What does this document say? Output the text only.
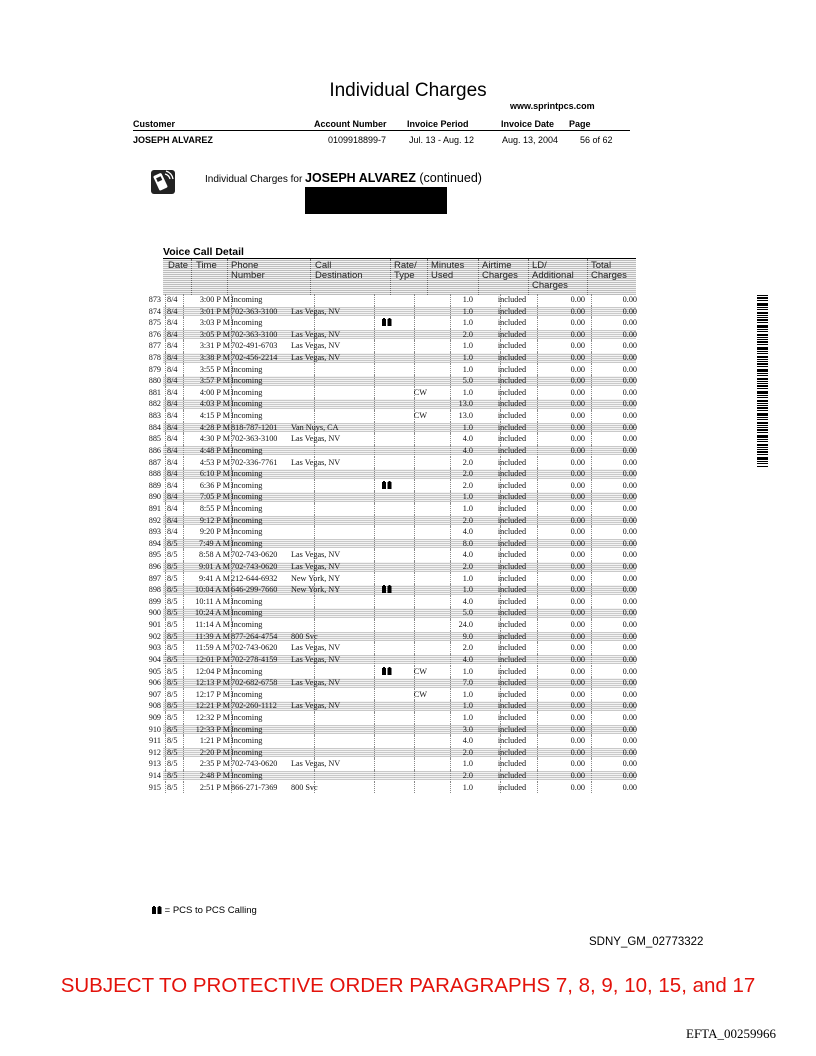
Individual Charges
www.sprintpcs.com
Customer	Account Number Invoice Period	Invoice Date Page
JOSEPH ALVAREZ	0109918899-7	Jul. 13 - Aug. 12	Aug. 13, 2004 56 of 62
Individual Charges for JOSEPH ALVAREZ (continued)
Voice Call Detail
Date Time Phone Number
Call Destination
Rate/ Type
Minutes Used
Airtime Charges
LD/ Additional Charges
Total Charges
873 8/4	3:00 P M Incoming	1.0	included	0.00	0.00
874 8/4	3:01 P M 702-363-3100 Las Vegas, NV	1.0	included	0.00	0.00
875 8/4	3:03 P M Incoming	1.0	included	0.00	0.00
876 8/4	3:05 P M 702-363-3100 Las Vegas, NV	2.0	included	0.00	0.00
877 8/4	3:31 P M 702-491-6703 Las Vegas, NV	1.0	included	0.00	0.00
878 8/4	3:38 P M 702-456-2214 Las Vegas, NV	1.0	included	0.00	0.00
879 8/4	3:55 P M Incoming	1.0	included	0.00	0.00
880 8/4	3:57 P M Incoming	5.0	included	0.00	0.00
881 8/4	4:00 P M Incoming	CW	1.0	included	0.00	0.00
882 8/4	4:03 P M Incoming	13.0	included	0.00	0.00
883 8/4	4:15 P M Incoming	CW	13.0	included	0.00	0.00
884 8/4	4:28 P M 818-787-1201 Van Nuys, CA	1.0	included	0.00	0.00
885 8/4	4:30 P M 702-363-3100 Las Vegas, NV	4.0	included	0.00	0.00
886 8/4	4:48 P M Incoming	4.0	included	0.00	0.00
887 8/4	4:53 P M 702-336-7761 Las Vegas, NV	2.0	included	0.00	0.00
888 8/4	6:10 P M Incoming	2.0	included	0.00	0.00
889 8/4	6:36 P M Incoming	2.0	included	0.00	0.00
890 8/4	7:05 P M Incoming	1.0	included	0.00	0.00
891 8/4	8:55 P M Incoming	1.0	included	0.00	0.00
892 8/4	9:12 P M Incoming	2.0	included	0.00	0.00
893 8/4	9:20 P M Incoming	4.0	included	0.00	0.00
894 8/5	7:49 A M Incoming	8.0	included	0.00	0.00
895 8/5	8:58 A M 702-743-0620 Las Vegas, NV	4.0	included	0.00	0.00
896 8/5	9:01 A M 702-743-0620 Las Vegas, NV	2.0	included	0.00	0.00
897 8/5	9:41 A M 212-644-6932 New York, NY	1.0	included	0.00	0.00
898 8/5	10:04 A M 646-299-7660 New York, NY	1.0	included	0.00	0.00
899 8/5	10:11 A M Incoming	4.0	included	0.00	0.00
900 8/5	10:24 A M Incoming	5.0	included	0.00	0.00
901 8/5	11:14 A M Incoming	24.0	included	0.00	0.00
902 8/5	11:39 A M 877-264-4754 800 Svc	9.0	included	0.00	0.00
903 8/5	11:59 A M 702-743-0620 Las Vegas, NV	2.0	included	0.00	0.00
904 8/5	12:01 P M 702-278-4159 Las Vegas, NV	4.0	included	0.00	0.00
905 8/5	12:04 P M Incoming	CW	1.0	included	0.00	0.00
906 8/5	12:13 P M 702-682-6758 Las Vegas, NV	7.0	included	0.00	0.00
907 8/5	12:17 P M Incoming	CW	1.0	included	0.00	0.00
908 8/5	12:21 P M 702-260-1112 Las Vegas, NV	1.0	included	0.00	0.00
909 8/5	12:32 P M Incoming	1.0	included	0.00	0.00
910 8/5	12:33 P M Incoming	3.0	included	0.00	0.00
911 8/5	1:21 P M Incoming	4.0	included	0.00	0.00
912 8/5	2:20 P M Incoming	2.0	included	0.00	0.00
913 8/5	2:35 P M 702-743-0620 Las Vegas, NV	1.0	included	0.00	0.00
914 8/5	2:48 P M Incoming	2.0	included	0.00	0.00
915 8/5	2:51 P M 866-271-7369 800 Svc	1.0	included	0.00	0.00
= PCS to PCS Calling
SDNY_GM_02773322
SUBJECT TO PROTECTIVE ORDER PARAGRAPHS 7, 8, 9, 10, 15, and 17
EFTA_00259966
